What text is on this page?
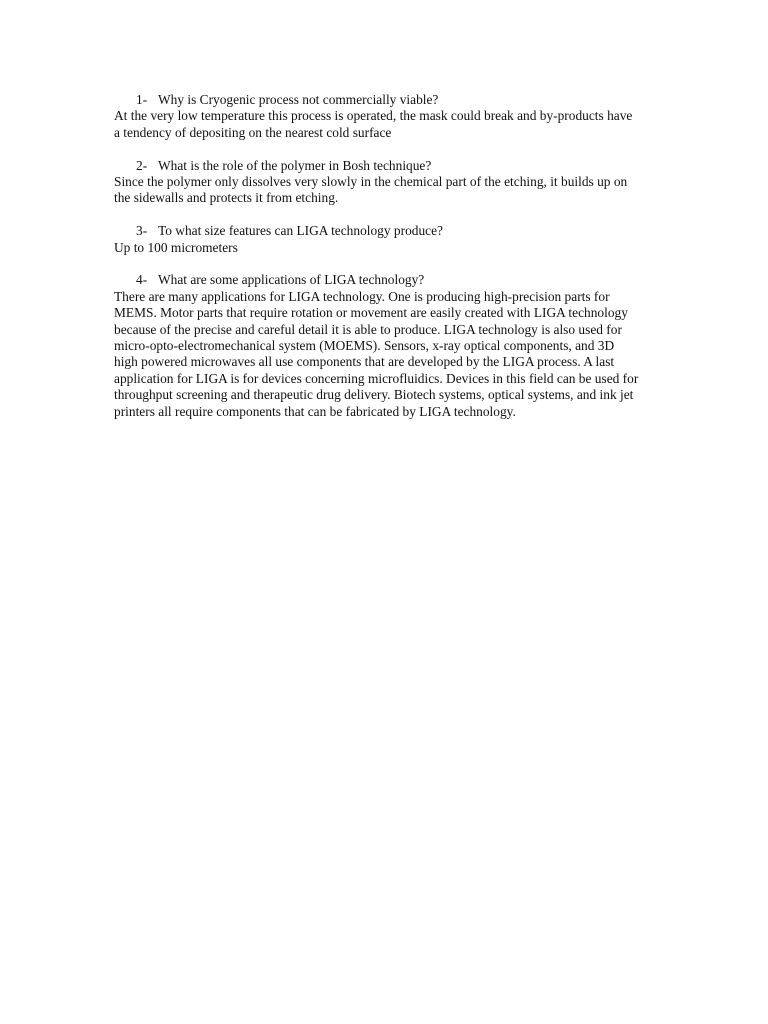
1- Why is Cryogenic process not commercially viable?
At the very low temperature this process is operated, the mask could break and by-products have
a tendency of depositing on the nearest cold surface
2- What is the role of the polymer in Bosh technique?
Since the polymer only dissolves very slowly in the chemical part of the etching, it builds up on
the sidewalls and protects it from etching.
3- To what size features can LIGA technology produce?
Up to 100 micrometers
4- What are some applications of LIGA technology?
There are many applications for LIGA technology. One is producing high-precision parts for
MEMS. Motor parts that require rotation or movement are easily created with LIGA technology
because of the precise and careful detail it is able to produce. LIGA technology is also used for
micro-opto-electromechanical system (MOEMS). Sensors, x-ray optical components, and 3D
high powered microwaves all use components that are developed by the LIGA process. A last
application for LIGA is for devices concerning microfluidics. Devices in this field can be used for
throughput screening and therapeutic drug delivery. Biotech systems, optical systems, and ink jet
printers all require components that can be fabricated by LIGA technology.
